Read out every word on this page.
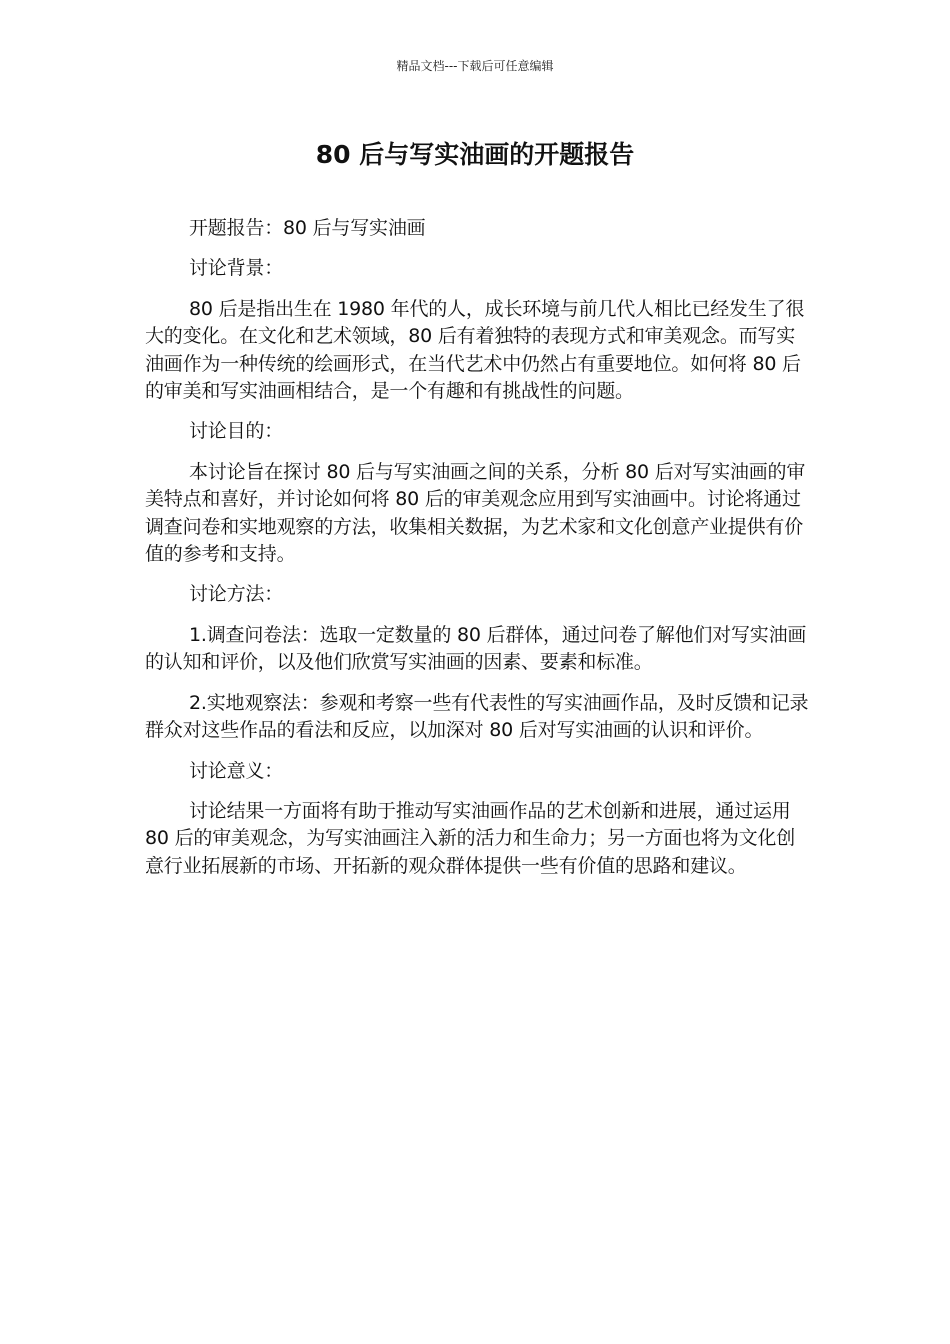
精品文档---下载后可任意编辑
80 后与写实油画的开题报告

开题报告：80 后与写实油画

讨论背景：

80 后是指出生在 1980 年代的人，成长环境与前几代人相比已经发生了很大的变化。在文化和艺术领域，80 后有着独特的表现方式和审美观念。而写实油画作为一种传统的绘画形式，在当代艺术中仍然占有重要地位。如何将 80 后的审美和写实油画相结合，是一个有趣和有挑战性的问题。

讨论目的：

本讨论旨在探讨 80 后与写实油画之间的关系，分析 80 后对写实油画的审美特点和喜好，并讨论如何将 80 后的审美观念应用到写实油画中。讨论将通过调查问卷和实地观察的方法，收集相关数据，为艺术家和文化创意产业提供有价值的参考和支持。

讨论方法：

1.调查问卷法：选取一定数量的 80 后群体，通过问卷了解他们对写实油画的认知和评价，以及他们欣赏写实油画的因素、要素和标准。

2.实地观察法：参观和考察一些有代表性的写实油画作品，及时反馈和记录群众对这些作品的看法和反应，以加深对 80 后对写实油画的认识和评价。

讨论意义：

讨论结果一方面将有助于推动写实油画作品的艺术创新和进展，通过运用 80 后的审美观念，为写实油画注入新的活力和生命力；另一方面也将为文化创意行业拓展新的市场、开拓新的观众群体提供一些有价值的思路和建议。
